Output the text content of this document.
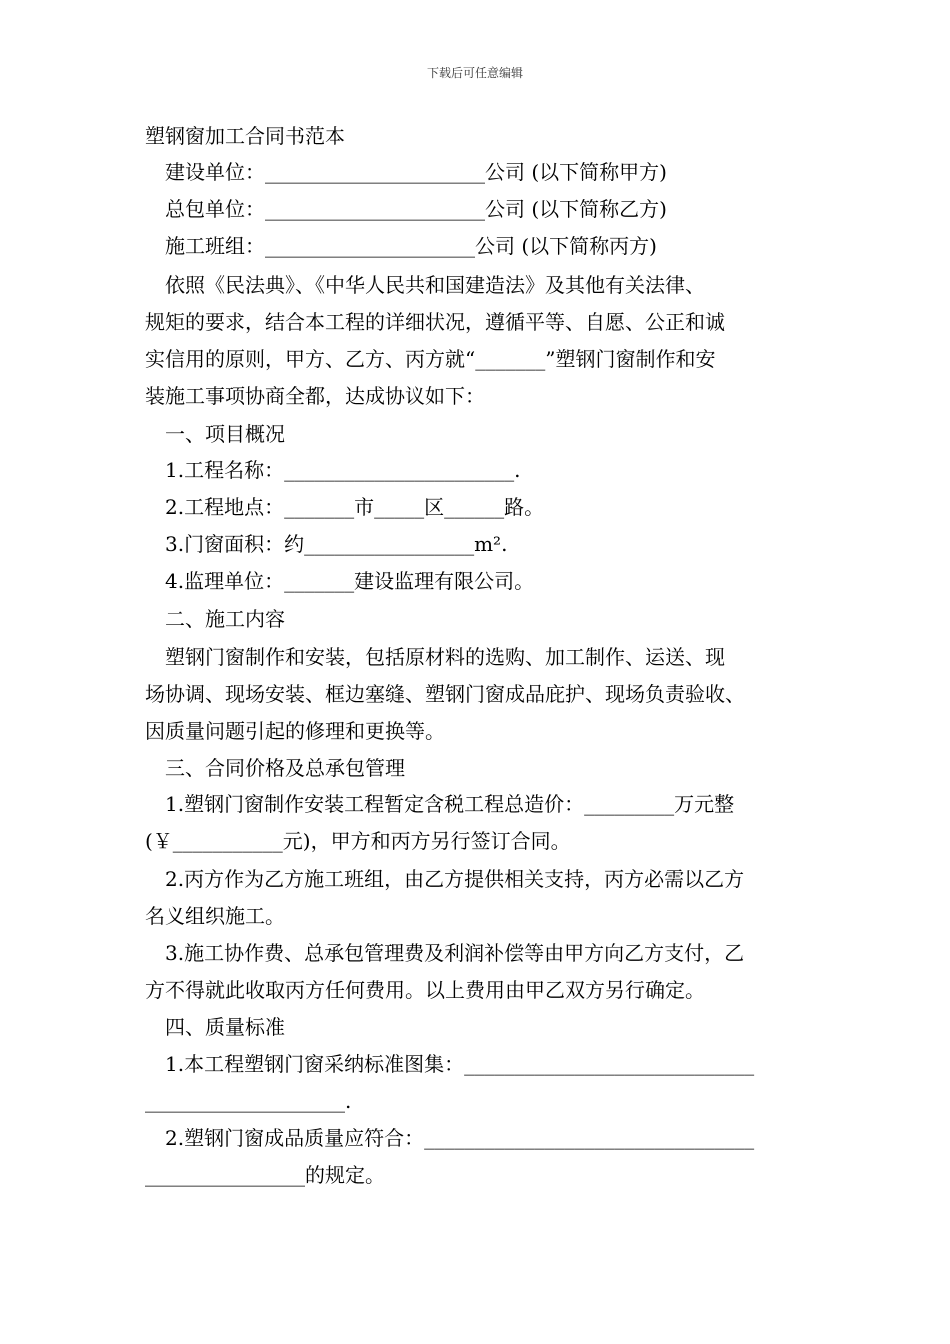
下载后可任意编辑
塑钢窗加工合同书范本
建设单位：______________________公司 (以下简称甲方)
总包单位：______________________公司 (以下简称乙方)
施工班组：_____________________公司 (以下简称丙方)
依照《民法典》、《中华人民共和国建造法》及其他有关法律、
规矩的要求，结合本工程的详细状况，遵循平等、自愿、公正和诚
实信用的原则，甲方、乙方、丙方就“_______”塑钢门窗制作和安
装施工事项协商全都，达成协议如下：
一、项目概况
1.工程名称：_______________________.
2.工程地点：_______市_____区______路。
3.门窗面积：约_________________m².
4.监理单位：_______建设监理有限公司。
二、施工内容
塑钢门窗制作和安装，包括原材料的选购、加工制作、运送、现
场协调、现场安装、框边塞缝、塑钢门窗成品庇护、现场负责验收、
因质量问题引起的修理和更换等。
三、合同价格及总承包管理
1.塑钢门窗制作安装工程暂定含税工程总造价：_________万元整
(￥___________元)，甲方和丙方另行签订合同。
2.丙方作为乙方施工班组，由乙方提供相关支持，丙方必需以乙方
名义组织施工。
3.施工协作费、总承包管理费及利润补偿等由甲方向乙方支付，乙
方不得就此收取丙方任何费用。以上费用由甲乙双方另行确定。
四、质量标准
1.本工程塑钢门窗采纳标准图集：_____________________________
____________________.
2.塑钢门窗成品质量应符合：_________________________________
________________的规定。
